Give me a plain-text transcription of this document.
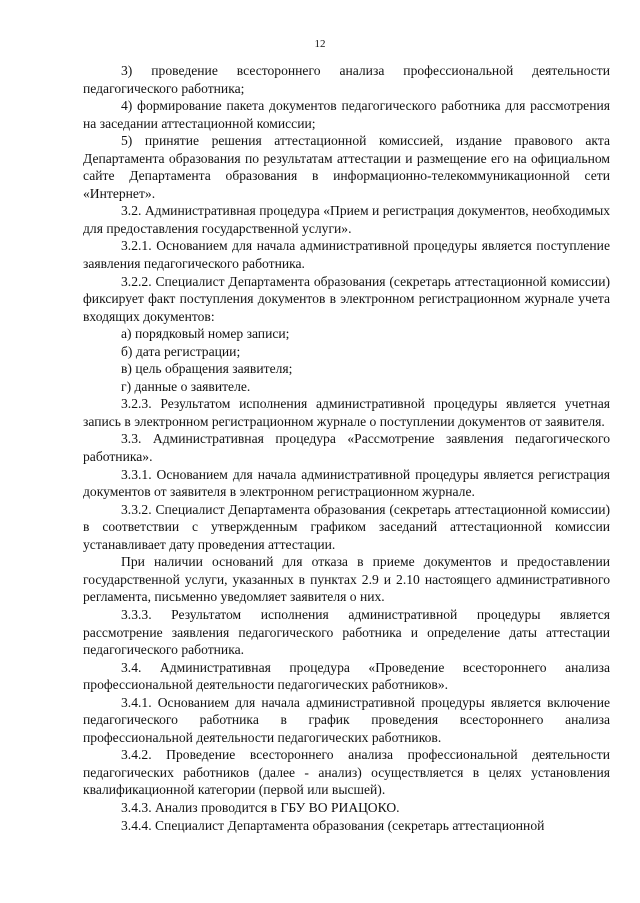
12

3) проведение всестороннего анализа профессиональной деятельности педагогического работника;

4) формирование пакета документов педагогического работника для рассмотрения на заседании аттестационной комиссии;

5) принятие решения аттестационной комиссией, издание правового акта Департамента образования по результатам аттестации и размещение его на официальном сайте Департамента образования в информационно-телекоммуникационной сети «Интернет».

3.2. Административная процедура «Прием и регистрация документов, необходимых для предоставления государственной услуги».

3.2.1. Основанием для начала административной процедуры является поступление заявления педагогического работника.

3.2.2. Специалист Департамента образования (секретарь аттестационной комиссии) фиксирует факт поступления документов в электронном регистрационном журнале учета входящих документов:

а) порядковый номер записи;

б) дата регистрации;

в) цель обращения заявителя;

г) данные о заявителе.

3.2.3. Результатом исполнения административной процедуры является учетная запись в электронном регистрационном журнале о поступлении документов от заявителя.

3.3. Административная процедура «Рассмотрение заявления педагогического работника».

3.3.1. Основанием для начала административной процедуры является регистрация документов от заявителя в электронном регистрационном журнале.

3.3.2. Специалист Департамента образования (секретарь аттестационной комиссии) в соответствии с утвержденным графиком заседаний аттестационной комиссии устанавливает дату проведения аттестации.

При наличии оснований для отказа в приеме документов и предоставлении государственной услуги, указанных в пунктах 2.9 и 2.10 настоящего административного регламента, письменно уведомляет заявителя о них.

3.3.3. Результатом исполнения административной процедуры является рассмотрение заявления педагогического работника и определение даты аттестации педагогического работника.

3.4. Административная процедура «Проведение всестороннего анализа профессиональной деятельности педагогических работников».

3.4.1. Основанием для начала административной процедуры является включение педагогического работника в график проведения всестороннего анализа профессиональной деятельности педагогических работников.

3.4.2. Проведение всестороннего анализа профессиональной деятельности педагогических работников (далее - анализ) осуществляется в целях установления квалификационной категории (первой или высшей).

3.4.3. Анализ проводится в ГБУ ВО РИАЦОКО.

3.4.4. Специалист Департамента образования (секретарь аттестационной
